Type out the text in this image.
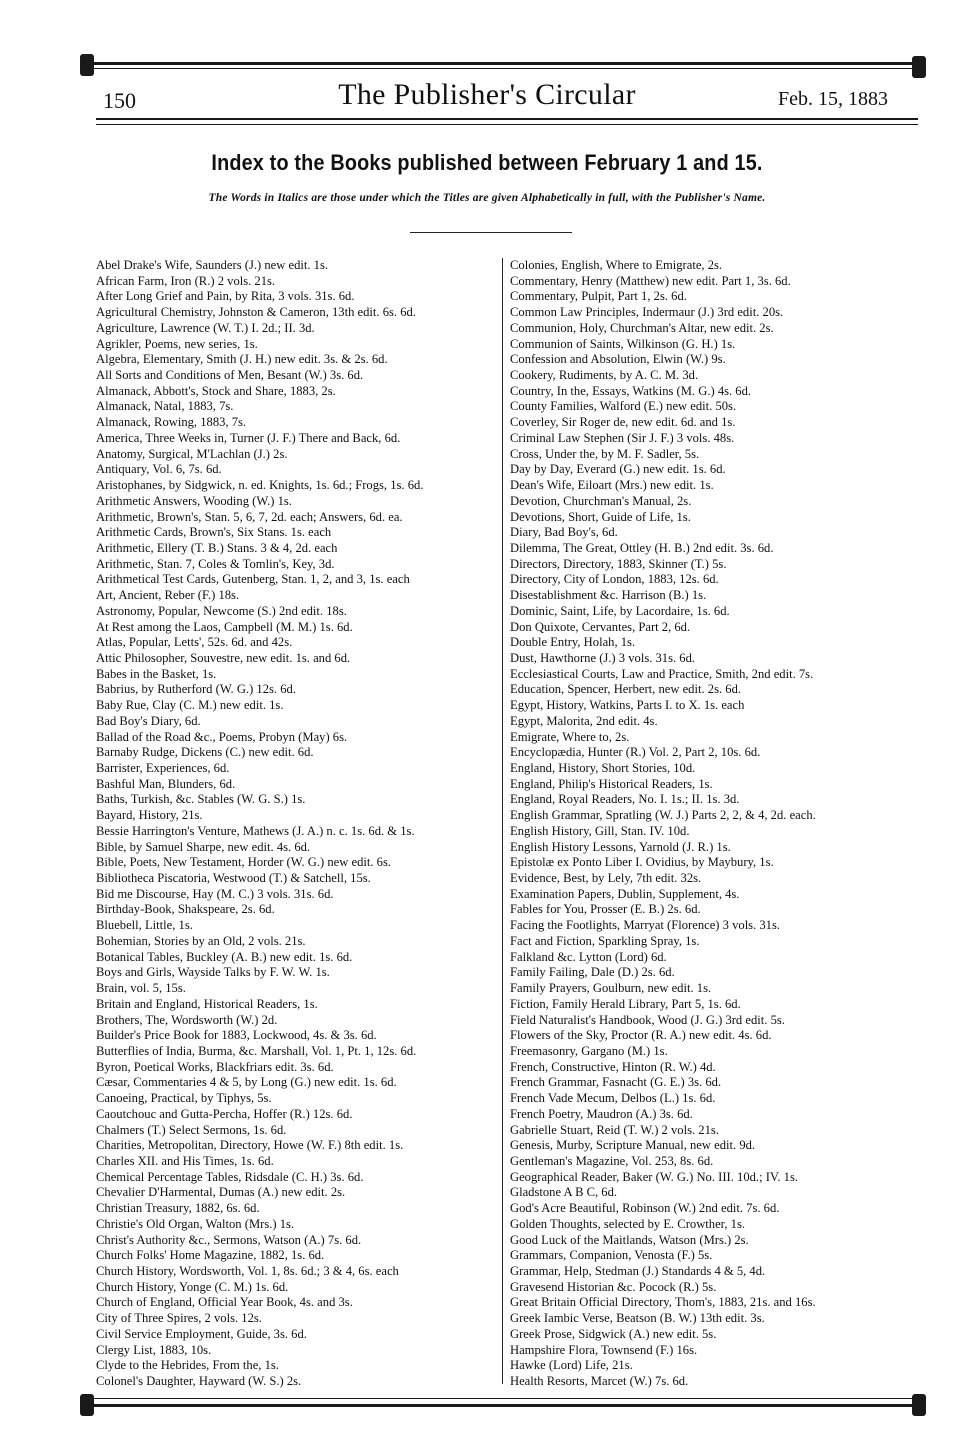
150	The Publisher's Circular	Feb. 15, 1883
Index to the Books published between February 1 and 15.
The Words in Italics are those under which the Titles are given Alphabetically in full, with the Publisher's Name.
Abel Drake's Wife, Saunders (J.) new edit. 1s.
African Farm, Iron (R.) 2 vols. 21s.
After Long Grief and Pain, by Rita, 3 vols. 31s. 6d.
Agricultural Chemistry, Johnston & Cameron, 13th edit. 6s. 6d.
Agriculture, Lawrence (W. T.) I. 2d.; II. 3d.
Agrikler, Poems, new series, 1s.
Algebra, Elementary, Smith (J. H.) new edit. 3s. & 2s. 6d.
All Sorts and Conditions of Men, Besant (W.) 3s. 6d.
Almanack, Abbott's, Stock and Share, 1883, 2s.
Almanack, Natal, 1883, 7s.
Almanack, Rowing, 1883, 7s.
America, Three Weeks in, Turner (J. F.) There and Back, 6d.
Anatomy, Surgical, M'Lachlan (J.) 2s.
Antiquary, Vol. 6, 7s. 6d.
Aristophanes, by Sidgwick, n. ed. Knights, 1s. 6d.; Frogs, 1s. 6d.
Arithmetic Answers, Wooding (W.) 1s.
Arithmetic, Brown's, Stan. 5, 6, 7, 2d. each; Answers, 6d. ea.
Arithmetic Cards, Brown's, Six Stans. 1s. each
Arithmetic, Ellery (T. B.) Stans. 3 & 4, 2d. each
Arithmetic, Stan. 7, Coles & Tomlin's, Key, 3d.
Arithmetical Test Cards, Gutenberg, Stan. 1, 2, and 3, 1s. each
Art, Ancient, Reber (F.) 18s.
Astronomy, Popular, Newcome (S.) 2nd edit. 18s.
At Rest among the Laos, Campbell (M. M.) 1s. 6d.
Atlas, Popular, Letts', 52s. 6d. and 42s.
Attic Philosopher, Souvestre, new edit. 1s. and 6d.
Babes in the Basket, 1s.
Babrius, by Rutherford (W. G.) 12s. 6d.
Baby Rue, Clay (C. M.) new edit. 1s.
Bad Boy's Diary, 6d.
Ballad of the Road &c., Poems, Probyn (May) 6s.
Barnaby Rudge, Dickens (C.) new edit. 6d.
Barrister, Experiences, 6d.
Bashful Man, Blunders, 6d.
Baths, Turkish, &c. Stables (W. G. S.) 1s.
Bayard, History, 21s.
Bessie Harrington's Venture, Mathews (J. A.) n. c. 1s. 6d. & 1s.
Bible, by Samuel Sharpe, new edit. 4s. 6d.
Bible, Poets, New Testament, Horder (W. G.) new edit. 6s.
Bibliotheca Piscatoria, Westwood (T.) & Satchell, 15s.
Bid me Discourse, Hay (M. C.) 3 vols. 31s. 6d.
Birthday-Book, Shakspeare, 2s. 6d.
Bluebell, Little, 1s.
Bohemian, Stories by an Old, 2 vols. 21s.
Botanical Tables, Buckley (A. B.) new edit. 1s. 6d.
Boys and Girls, Wayside Talks by F. W. W. 1s.
Brain, vol. 5, 15s.
Britain and England, Historical Readers, 1s.
Brothers, The, Wordsworth (W.) 2d.
Builder's Price Book for 1883, Lockwood, 4s. & 3s. 6d.
Butterflies of India, Burma, &c. Marshall, Vol. 1, Pt. 1, 12s. 6d.
Byron, Poetical Works, Blackfriars edit. 3s. 6d.
Cæsar, Commentaries 4 & 5, by Long (G.) new edit. 1s. 6d.
Canoeing, Practical, by Tiphys, 5s.
Caoutchouc and Gutta-Percha, Hoffer (R.) 12s. 6d.
Chalmers (T.) Select Sermons, 1s. 6d.
Charities, Metropolitan, Directory, Howe (W. F.) 8th edit. 1s.
Charles XII. and His Times, 1s. 6d.
Chemical Percentage Tables, Ridsdale (C. H.) 3s. 6d.
Chevalier D'Harmental, Dumas (A.) new edit. 2s.
Christian Treasury, 1882, 6s. 6d.
Christie's Old Organ, Walton (Mrs.) 1s.
Christ's Authority &c., Sermons, Watson (A.) 7s. 6d.
Church Folks' Home Magazine, 1882, 1s. 6d.
Church History, Wordsworth, Vol. 1, 8s. 6d.; 3 & 4, 6s. each
Church History, Yonge (C. M.) 1s. 6d.
Church of England, Official Year Book, 4s. and 3s.
City of Three Spires, 2 vols. 12s.
Civil Service Employment, Guide, 3s. 6d.
Clergy List, 1883, 10s.
Clyde to the Hebrides, From the, 1s.
Colonel's Daughter, Hayward (W. S.) 2s.
Colonies, English, Where to Emigrate, 2s.
Commentary, Henry (Matthew) new edit. Part 1, 3s. 6d.
Commentary, Pulpit, Part 1, 2s. 6d.
Common Law Principles, Indermaur (J.) 3rd edit. 20s.
Communion, Holy, Churchman's Altar, new edit. 2s.
Communion of Saints, Wilkinson (G. H.) 1s.
Confession and Absolution, Elwin (W.) 9s.
Cookery, Rudiments, by A. C. M. 3d.
Country, In the, Essays, Watkins (M. G.) 4s. 6d.
County Families, Walford (E.) new edit. 50s.
Coverley, Sir Roger de, new edit. 6d. and 1s.
Criminal Law Stephen (Sir J. F.) 3 vols. 48s.
Cross, Under the, by M. F. Sadler, 5s.
Day by Day, Everard (G.) new edit. 1s. 6d.
Dean's Wife, Eiloart (Mrs.) new edit. 1s.
Devotion, Churchman's Manual, 2s.
Devotions, Short, Guide of Life, 1s.
Diary, Bad Boy's, 6d.
Dilemma, The Great, Ottley (H. B.) 2nd edit. 3s. 6d.
Directors, Directory, 1883, Skinner (T.) 5s.
Directory, City of London, 1883, 12s. 6d.
Disestablishment &c. Harrison (B.) 1s.
Dominic, Saint, Life, by Lacordaire, 1s. 6d.
Don Quixote, Cervantes, Part 2, 6d.
Double Entry, Holah, 1s.
Dust, Hawthorne (J.) 3 vols. 31s. 6d.
Ecclesiastical Courts, Law and Practice, Smith, 2nd edit. 7s.
Education, Spencer, Herbert, new edit. 2s. 6d.
Egypt, History, Watkins, Parts I. to X. 1s. each
Egypt, Malorita, 2nd edit. 4s.
Emigrate, Where to, 2s.
Encyclopædia, Hunter (R.) Vol. 2, Part 2, 10s. 6d.
England, History, Short Stories, 10d.
England, Philip's Historical Readers, 1s.
England, Royal Readers, No. I. 1s.; II. 1s. 3d.
English Grammar, Spratling (W. J.) Parts 2, 2, & 4, 2d. each.
English History, Gill, Stan. IV. 10d.
English History Lessons, Yarnold (J. R.) 1s.
Epistolæ ex Ponto Liber I. Ovidius, by Maybury, 1s.
Evidence, Best, by Lely, 7th edit. 32s.
Examination Papers, Dublin, Supplement, 4s.
Fables for You, Prosser (E. B.) 2s. 6d.
Facing the Footlights, Marryat (Florence) 3 vols. 31s.
Fact and Fiction, Sparkling Spray, 1s.
Falkland &c. Lytton (Lord) 6d.
Family Failing, Dale (D.) 2s. 6d.
Family Prayers, Goulburn, new edit. 1s.
Fiction, Family Herald Library, Part 5, 1s. 6d.
Field Naturalist's Handbook, Wood (J. G.) 3rd edit. 5s.
Flowers of the Sky, Proctor (R. A.) new edit. 4s. 6d.
Freemasonry, Gargano (M.) 1s.
French, Constructive, Hinton (R. W.) 4d.
French Grammar, Fasnacht (G. E.) 3s. 6d.
French Vade Mecum, Delbos (L.) 1s. 6d.
French Poetry, Maudron (A.) 3s. 6d.
Gabrielle Stuart, Reid (T. W.) 2 vols. 21s.
Genesis, Murby, Scripture Manual, new edit. 9d.
Gentleman's Magazine, Vol. 253, 8s. 6d.
Geographical Reader, Baker (W. G.) No. III. 10d.; IV. 1s.
Gladstone A B C, 6d.
God's Acre Beautiful, Robinson (W.) 2nd edit. 7s. 6d.
Golden Thoughts, selected by E. Crowther, 1s.
Good Luck of the Maitlands, Watson (Mrs.) 2s.
Grammars, Companion, Venosta (F.) 5s.
Grammar, Help, Stedman (J.) Standards 4 & 5, 4d.
Gravesend Historian &c. Pocock (R.) 5s.
Great Britain Official Directory, Thom's, 1883, 21s. and 16s.
Greek Iambic Verse, Beatson (B. W.) 13th edit. 3s.
Greek Prose, Sidgwick (A.) new edit. 5s.
Hampshire Flora, Townsend (F.) 16s.
Hawke (Lord) Life, 21s.
Health Resorts, Marcet (W.) 7s. 6d.
